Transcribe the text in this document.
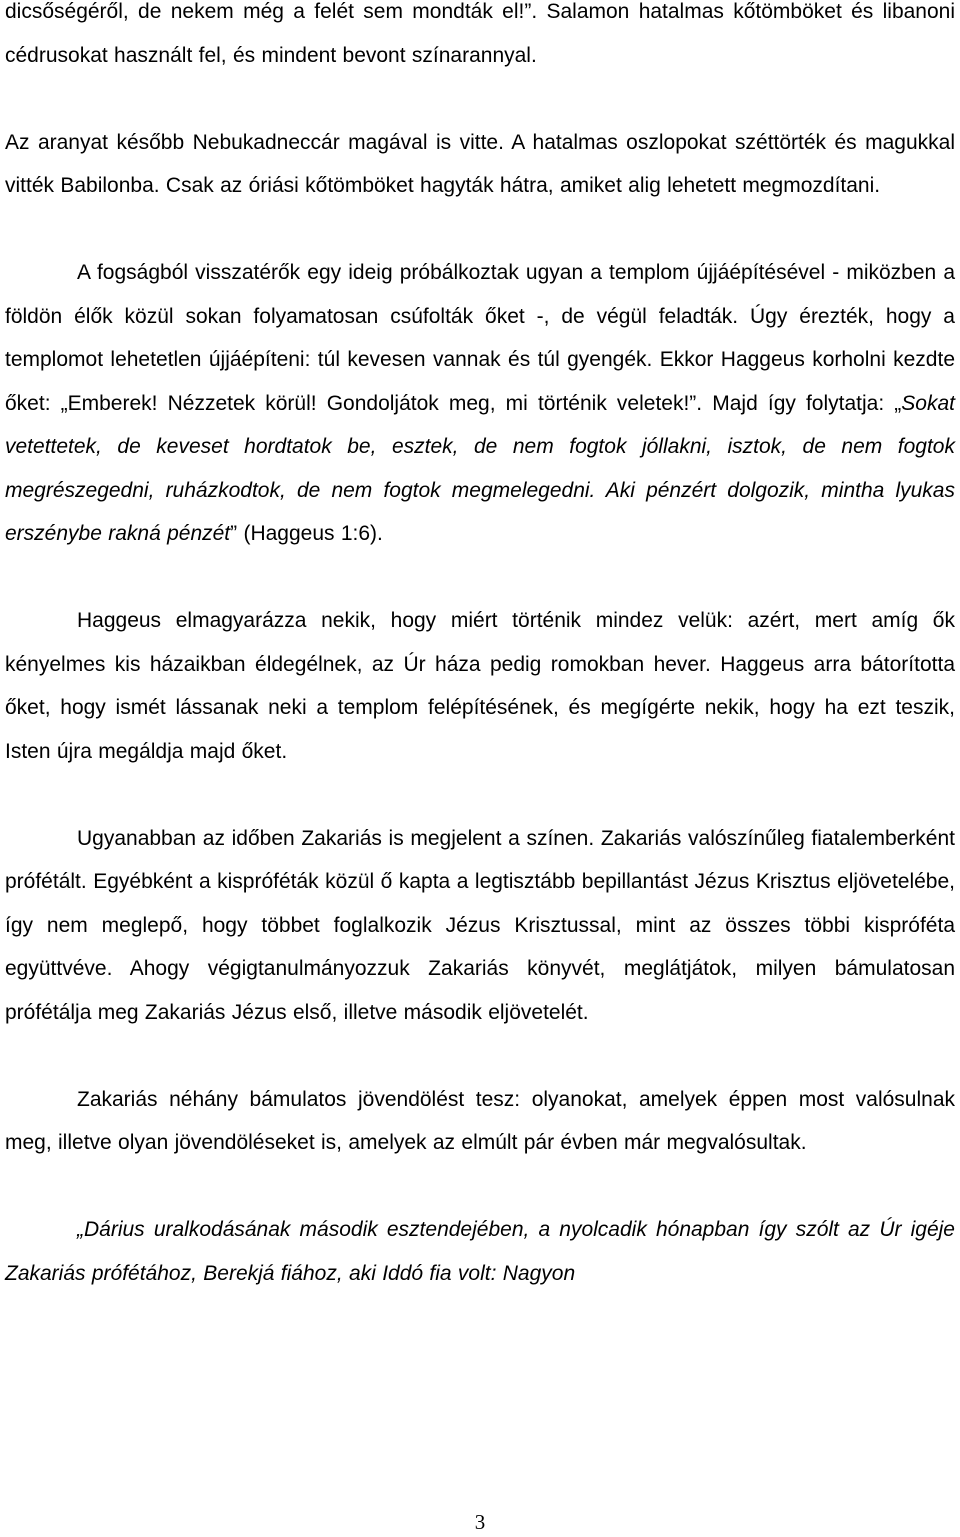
dicsőségéről, de nekem még a felét sem mondták el!”. Salamon hatalmas kőtömböket és libanoni cédrusokat használt fel, és mindent bevont színarannyal.

Az aranyat később Nebukadneccár magával is vitte. A hatalmas oszlopokat széttörték és magukkal vitték Babilonba. Csak az óriási kőtömböket hagyták hátra, amiket alig lehetett megmozdítani.

A fogságból visszatérők egy ideig próbálkoztak ugyan a templom újjáépítésével - miközben a földön élők közül sokan folyamatosan csúfolták őket -, de végül feladták. Úgy érezték, hogy a templomot lehetetlen újjáépíteni: túl kevesen vannak és túl gyengék. Ekkor Haggeus korholni kezdte őket: „Emberek! Nézzetek körül! Gondoljátok meg, mi történik veletek!”. Majd így folytatja: „Sokat vetettetek, de keveset hordtatok be, esztek, de nem fogtok jóllakni, isztok, de nem fogtok megrészegedni, ruházkodtok, de nem fogtok megmelegedni. Aki pénzért dolgozik, mintha lyukas erszénybe rakná pénzét” (Haggeus 1:6).

Haggeus elmagyarázza nekik, hogy miért történik mindez velük: azért, mert amíg ők kényelmes kis házaikban éldegélnek, az Úr háza pedig romokban hever. Haggeus arra bátorította őket, hogy ismét lássanak neki a templom felépítésének, és megígérte nekik, hogy ha ezt teszik, Isten újra megáldja majd őket.

Ugyanabban az időben Zakariás is megjelent a színen. Zakariás valószínűleg fiatalemberként prófétált. Egyébként a kispróféták közül ő kapta a legtisztább bepillantást Jézus Krisztus eljövetelébe, így nem meglepő, hogy többet foglalkozik Jézus Krisztussal, mint az összes többi kispróféta együttvéve. Ahogy végigtanulmányozzuk Zakariás könyvét, meglátjátok, milyen bámulatosan prófétálja meg Zakariás Jézus első, illetve második eljövetelét.

Zakariás néhány bámulatos jövendölést tesz: olyanokat, amelyek éppen most valósulnak meg, illetve olyan jövendöléseket is, amelyek az elmúlt pár évben már megvalósultak.

„Dárius uralkodásának második esztendejében, a nyolcadik hónapban így szólt az Úr igéje Zakariás prófétához, Berekjá fiához, aki Iddó fia volt: Nagyon

3
